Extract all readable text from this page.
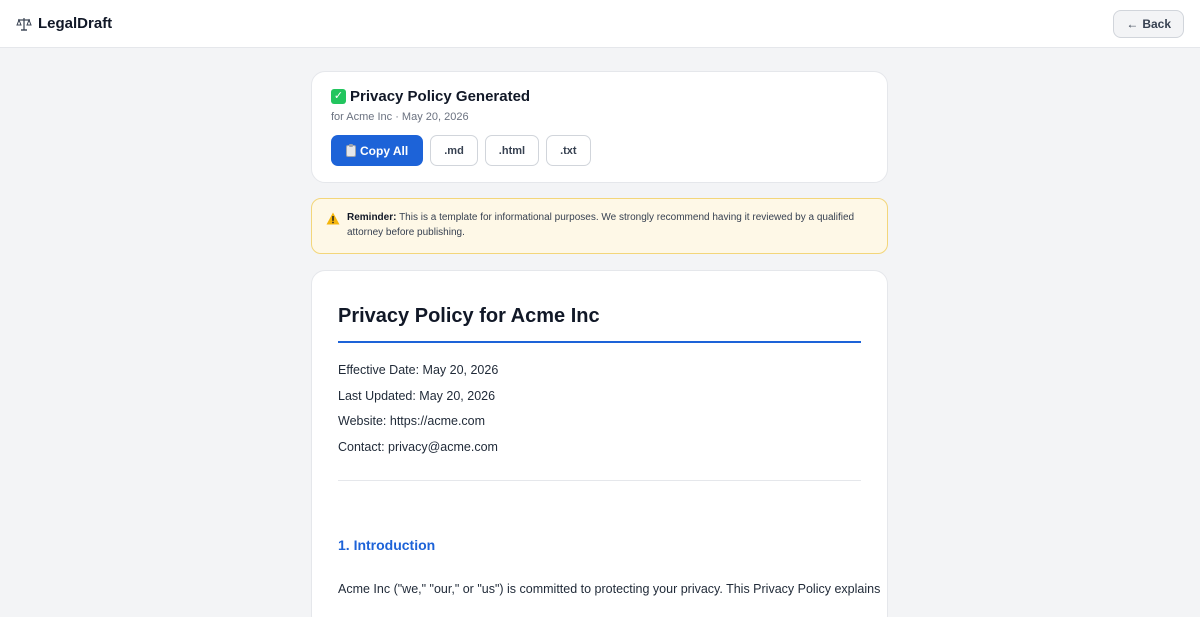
LegalDraft	← Back
✓ Privacy Policy Generated
for Acme Inc · May 20, 2026
Copy All	.md	.html	.txt
Reminder: This is a template for informational purposes. We strongly recommend having it reviewed by a qualified
attorney before publishing.
Privacy Policy for Acme Inc
Effective Date: May 20, 2026
Last Updated: May 20, 2026
Website: https://acme.com
Contact: privacy@acme.com
1. Introduction
Acme Inc ("we," "our," or "us") is committed to protecting your privacy. This Privacy Policy explains
